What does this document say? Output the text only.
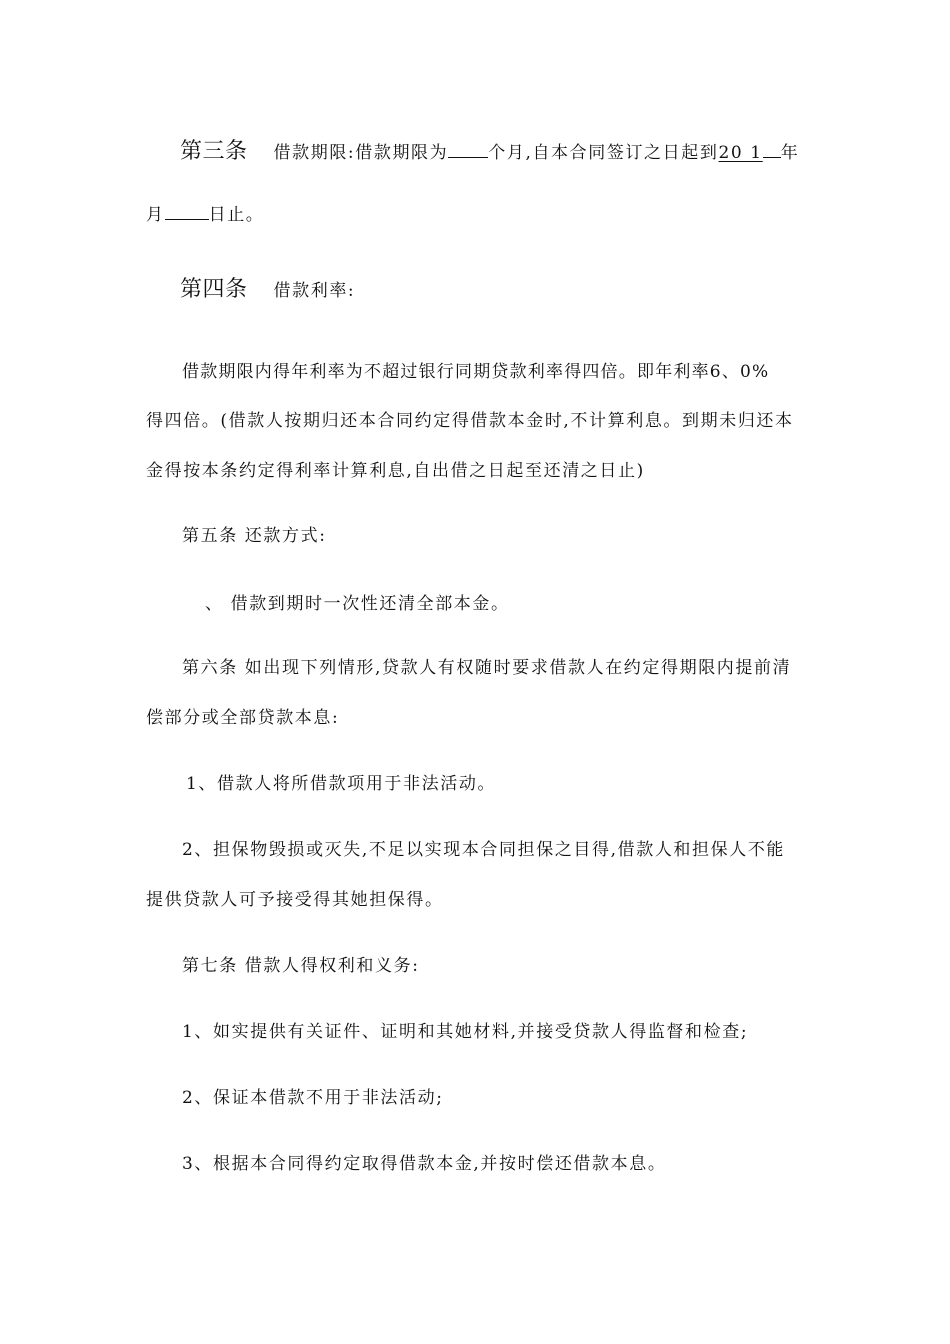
第三条 借款期限:借款期限为 个月,自本合同签订之日起到20 1 年
月	日止。
第四条 借款利率:
借款期限内得年利率为不超过银行同期贷款利率得四倍。即年利率6、0%
得四倍。(借款人按期归还本合同约定得借款本金时,不计算利息。到期未归还本
金得按本条约定得利率计算利息,自出借之日起至还清之日止)
第五条 还款方式:
、 借款到期时一次性还清全部本金。
第六条 如出现下列情形,贷款人有权随时要求借款人在约定得期限内提前清
偿部分或全部贷款本息:
1、借款人将所借款项用于非法活动。
2、担保物毁损或灭失,不足以实现本合同担保之目得,借款人和担保人不能
提供贷款人可予接受得其她担保得。
第七条 借款人得权利和义务:
1、如实提供有关证件、证明和其她材料,并接受贷款人得监督和检查;
2、保证本借款不用于非法活动;
3、根据本合同得约定取得借款本金,并按时偿还借款本息。
